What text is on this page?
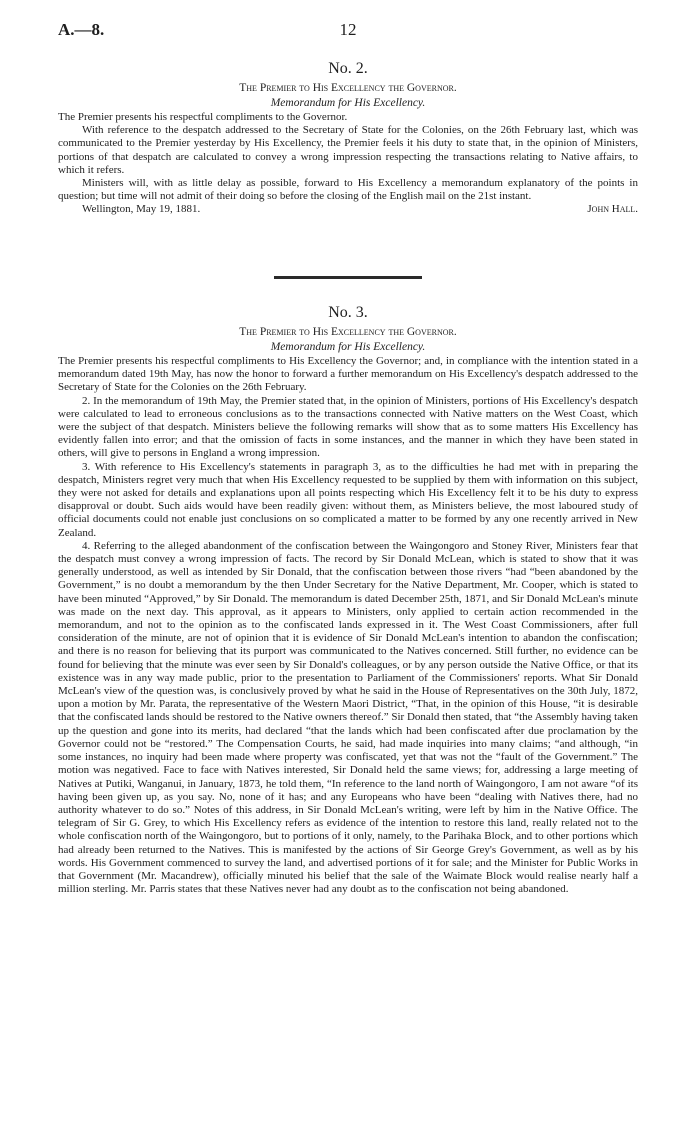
A.—8.	12
No. 2.
The Premier to His Excellency the Governor.
Memorandum for His Excellency.

The Premier presents his respectful compliments to the Governor.

With reference to the despatch addressed to the Secretary of State for the Colonies, on the 26th February last, which was communicated to the Premier yesterday by His Excellency, the Premier feels it his duty to state that, in the opinion of Ministers, portions of that despatch are calculated to convey a wrong impression respecting the transactions relating to Native affairs, to which it refers.

Ministers will, with as little delay as possible, forward to His Excellency a memorandum explanatory of the points in question; but time will not admit of their doing so before the closing of the English mail on the 21st instant.

Wellington, May 19, 1881.	John Hall.
No. 3.
The Premier to His Excellency the Governor.
Memorandum for His Excellency.

The Premier presents his respectful compliments to His Excellency the Governor; and, in compliance with the intention stated in a memorandum dated 19th May, has now the honor to forward a further memorandum on His Excellency's despatch addressed to the Secretary of State for the Colonies on the 26th February.

2. In the memorandum of 19th May, the Premier stated that, in the opinion of Ministers, portions of His Excellency's despatch were calculated to lead to erroneous conclusions as to the transactions connected with Native matters on the West Coast, which were the subject of that despatch. Ministers believe the following remarks will show that as to some matters His Excellency has evidently fallen into error; and that the omission of facts in some instances, and the manner in which they have been stated in others, will give to persons in England a wrong impression.

3. With reference to His Excellency's statements in paragraph 3, as to the difficulties he had met with in preparing the despatch, Ministers regret very much that when His Excellency requested to be supplied by them with information on this subject, they were not asked for details and explanations upon all points respecting which His Excellency felt it to be his duty to express disapproval or doubt. Such aids would have been readily given: without them, as Ministers believe, the most laboured study of official documents could not enable just conclusions on so complicated a matter to be formed by any one recently arrived in New Zealand.

4. Referring to the alleged abandonment of the confiscation between the Waingongoro and Stoney River, Ministers fear that the despatch must convey a wrong impression of facts. The record by Sir Donald McLean, which is stated to show that it was generally understood, as well as intended by Sir Donald, that the confiscation between those rivers “had “been abandoned by the Government,” is no doubt a memorandum by the then Under Secretary for the Native Department, Mr. Cooper, which is stated to have been minuted “Approved,” by Sir Donald. The memorandum is dated December 25th, 1871, and Sir Donald McLean's minute was made on the next day. This approval, as it appears to Ministers, only applied to certain action recommended in the memorandum, and not to the opinion as to the confiscated lands expressed in it. The West Coast Commissioners, after full consideration of the minute, are not of opinion that it is evidence of Sir Donald McLean's intention to abandon the confiscation; and there is no reason for believing that its purport was communicated to the Natives concerned. Still further, no evidence can be found for believing that the minute was ever seen by Sir Donald's colleagues, or by any person outside the Native Office, or that its existence was in any way made public, prior to the presentation to Parliament of the Commissioners' reports. What Sir Donald McLean's view of the question was, is conclusively proved by what he said in the House of Representatives on the 30th July, 1872, upon a motion by Mr. Parata, the representative of the Western Maori District, “That, in the opinion of this House, “it is desirable that the confiscated lands should be restored to the Native owners thereof.” Sir Donald then stated, that “the Assembly having taken up the question and gone into its merits, had declared “that the lands which had been confiscated after due proclamation by the Governor could not be “restored.” The Compensation Courts, he said, had made inquiries into many claims; “and although, “in some instances, no inquiry had been made where property was confiscated, yet that was not the “fault of the Government.” The motion was negatived. Face to face with Natives interested, Sir Donald held the same views; for, addressing a large meeting of Natives at Putiki, Wanganui, in January, 1873, he told them, “In reference to the land north of Waingongoro, I am not aware “of its having been given up, as you say. No, none of it has; and any Europeans who have been “dealing with Natives there, had no authority whatever to do so.” Notes of this address, in Sir Donald McLean's writing, were left by him in the Native Office. The telegram of Sir G. Grey, to which His Excellency refers as evidence of the intention to restore this land, really related not to the whole confiscation north of the Waingongoro, but to portions of it only, namely, to the Parihaka Block, and to other portions which had already been returned to the Natives. This is manifested by the actions of Sir George Grey's Government, as well as by his words. His Government commenced to survey the land, and advertised portions of it for sale; and the Minister for Public Works in that Government (Mr. Macandrew), officially minuted his belief that the sale of the Waimate Block would realise nearly half a million sterling. Mr. Parris states that these Natives never had any doubt as to the confiscation not being abandoned.
